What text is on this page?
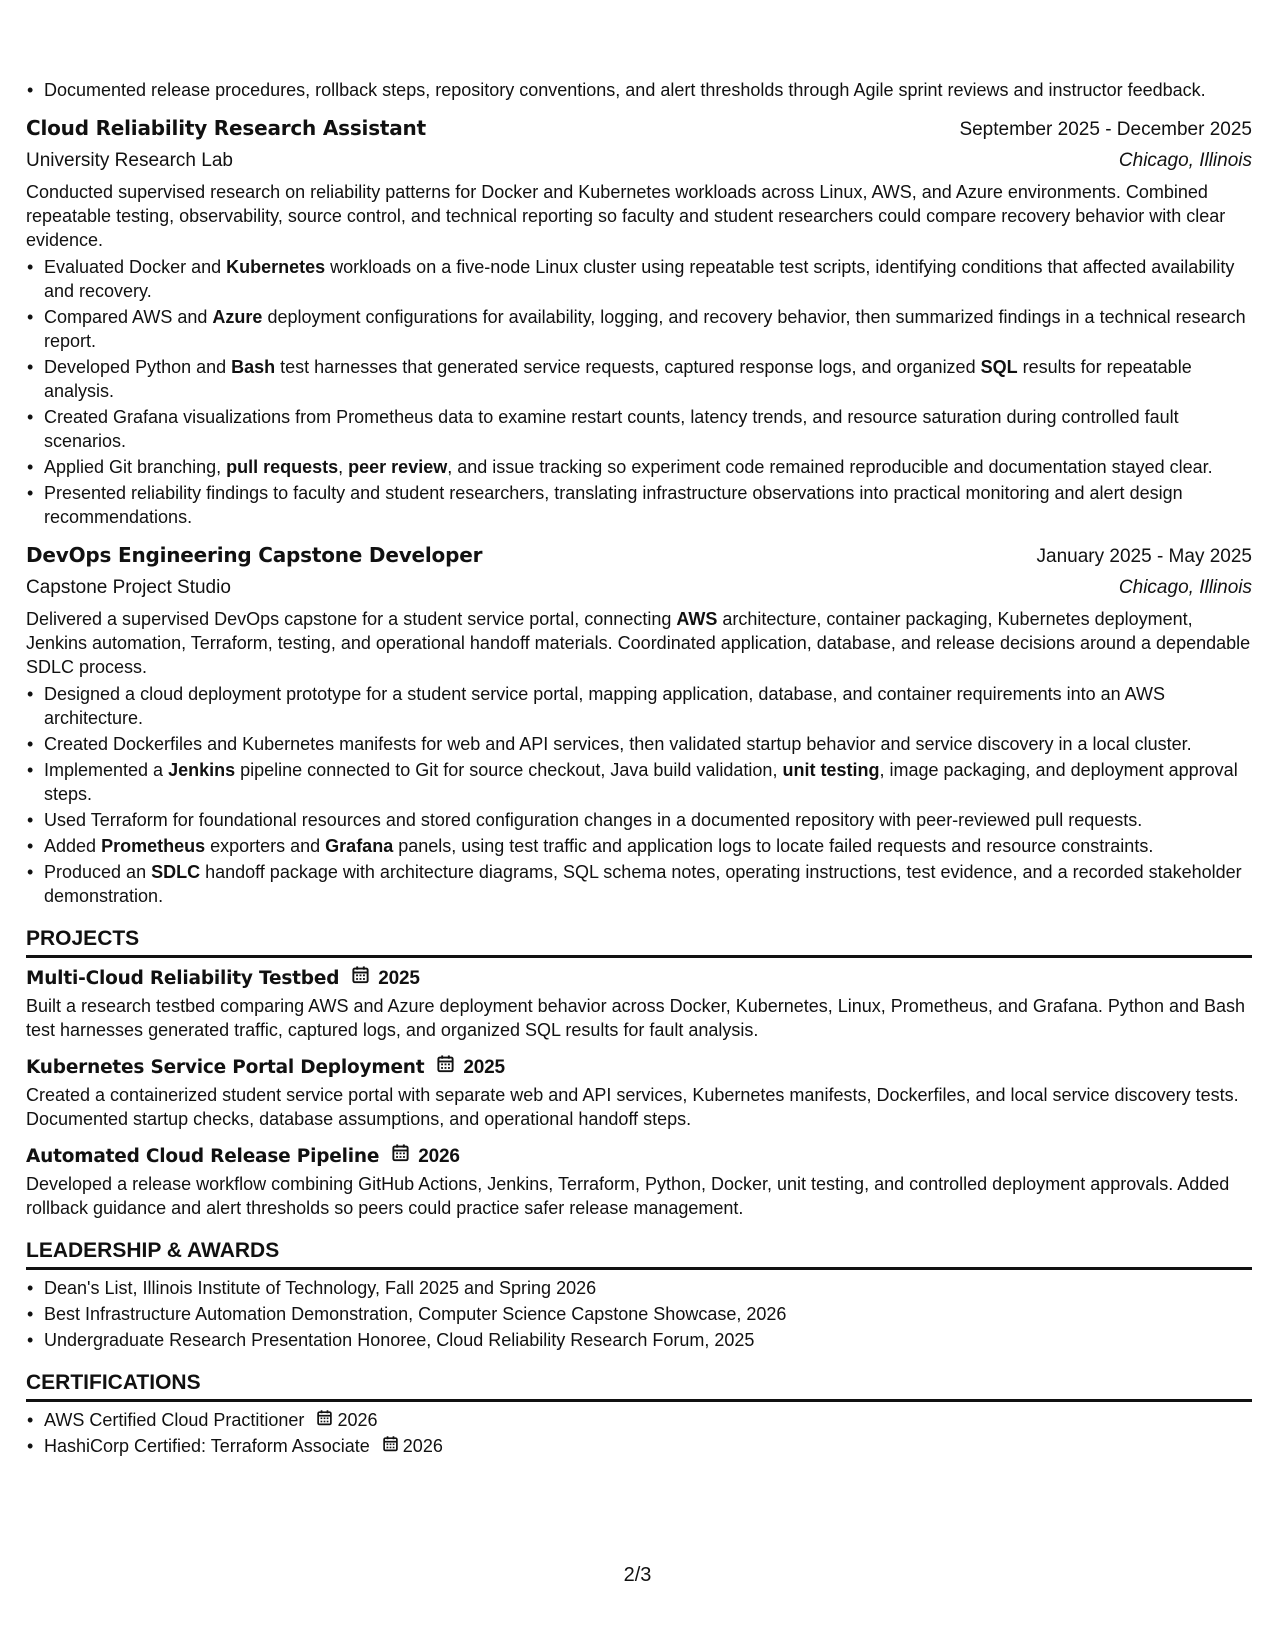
• Documented release procedures, rollback steps, repository conventions, and alert thresholds through Agile sprint reviews and instructor feedback.
Cloud Reliability Research Assistant	September 2025 - December 2025
University Research Lab	Chicago, Illinois
Conducted supervised research on reliability patterns for Docker and Kubernetes workloads across Linux, AWS, and Azure environments. Combined repeatable testing, observability, source control, and technical reporting so faculty and student researchers could compare recovery behavior with clear evidence.
• Evaluated Docker and Kubernetes workloads on a five-node Linux cluster using repeatable test scripts, identifying conditions that affected availability and recovery.
• Compared AWS and Azure deployment configurations for availability, logging, and recovery behavior, then summarized findings in a technical research report.
• Developed Python and Bash test harnesses that generated service requests, captured response logs, and organized SQL results for repeatable analysis.
• Created Grafana visualizations from Prometheus data to examine restart counts, latency trends, and resource saturation during controlled fault scenarios.
• Applied Git branching, pull requests, peer review, and issue tracking so experiment code remained reproducible and documentation stayed clear.
• Presented reliability findings to faculty and student researchers, translating infrastructure observations into practical monitoring and alert design recommendations.
DevOps Engineering Capstone Developer	January 2025 - May 2025
Capstone Project Studio	Chicago, Illinois
Delivered a supervised DevOps capstone for a student service portal, connecting AWS architecture, container packaging, Kubernetes deployment, Jenkins automation, Terraform, testing, and operational handoff materials. Coordinated application, database, and release decisions around a dependable SDLC process.
• Designed a cloud deployment prototype for a student service portal, mapping application, database, and container requirements into an AWS architecture.
• Created Dockerfiles and Kubernetes manifests for web and API services, then validated startup behavior and service discovery in a local cluster.
• Implemented a Jenkins pipeline connected to Git for source checkout, Java build validation, unit testing, image packaging, and deployment approval steps.
• Used Terraform for foundational resources and stored configuration changes in a documented repository with peer-reviewed pull requests.
• Added Prometheus exporters and Grafana panels, using test traffic and application logs to locate failed requests and resource constraints.
• Produced an SDLC handoff package with architecture diagrams, SQL schema notes, operating instructions, test evidence, and a recorded stakeholder demonstration.
PROJECTS
Multi-Cloud Reliability Testbed 2025
Built a research testbed comparing AWS and Azure deployment behavior across Docker, Kubernetes, Linux, Prometheus, and Grafana. Python and Bash test harnesses generated traffic, captured logs, and organized SQL results for fault analysis.
Kubernetes Service Portal Deployment 2025
Created a containerized student service portal with separate web and API services, Kubernetes manifests, Dockerfiles, and local service discovery tests. Documented startup checks, database assumptions, and operational handoff steps.
Automated Cloud Release Pipeline 2026
Developed a release workflow combining GitHub Actions, Jenkins, Terraform, Python, Docker, unit testing, and controlled deployment approvals. Added rollback guidance and alert thresholds so peers could practice safer release management.
LEADERSHIP & AWARDS
• Dean's List, Illinois Institute of Technology, Fall 2025 and Spring 2026
• Best Infrastructure Automation Demonstration, Computer Science Capstone Showcase, 2026
• Undergraduate Research Presentation Honoree, Cloud Reliability Research Forum, 2025
CERTIFICATIONS
• AWS Certified Cloud Practitioner 2026
• HashiCorp Certified: Terraform Associate 2026
2/3
